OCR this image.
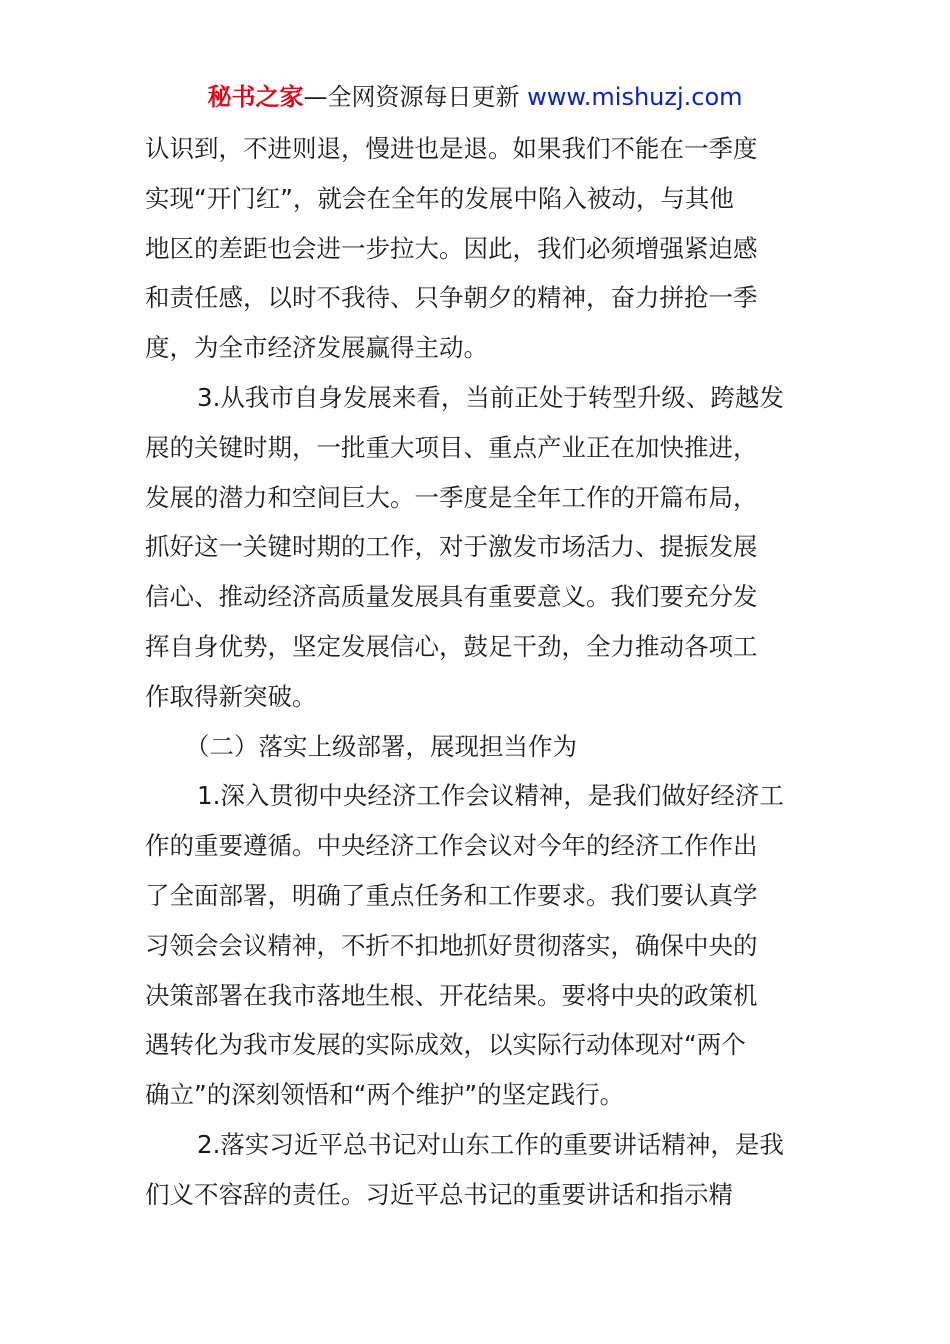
秘书之家—全网资源每日更新 www.mishuzj.com
认识到，不进则退，慢进也是退。如果我们不能在一季度
实现“开门红”，就会在全年的发展中陷入被动，与其他
地区的差距也会进一步拉大。因此，我们必须增强紧迫感
和责任感，以时不我待、只争朝夕的精神，奋力拼抢一季
度，为全市经济发展赢得主动。
3.从我市自身发展来看，当前正处于转型升级、跨越发
展的关键时期，一批重大项目、重点产业正在加快推进，
发展的潜力和空间巨大。一季度是全年工作的开篇布局，
抓好这一关键时期的工作，对于激发市场活力、提振发展
信心、推动经济高质量发展具有重要意义。我们要充分发
挥自身优势，坚定发展信心，鼓足干劲，全力推动各项工
作取得新突破。
（二）落实上级部署，展现担当作为
1.深入贯彻中央经济工作会议精神，是我们做好经济工
作的重要遵循。中央经济工作会议对今年的经济工作作出
了全面部署，明确了重点任务和工作要求。我们要认真学
习领会会议精神，不折不扣地抓好贯彻落实，确保中央的
决策部署在我市落地生根、开花结果。要将中央的政策机
遇转化为我市发展的实际成效，以实际行动体现对“两个
确立”的深刻领悟和“两个维护”的坚定践行。
2.落实习近平总书记对山东工作的重要讲话精神，是我
们义不容辞的责任。习近平总书记的重要讲话和指示精
